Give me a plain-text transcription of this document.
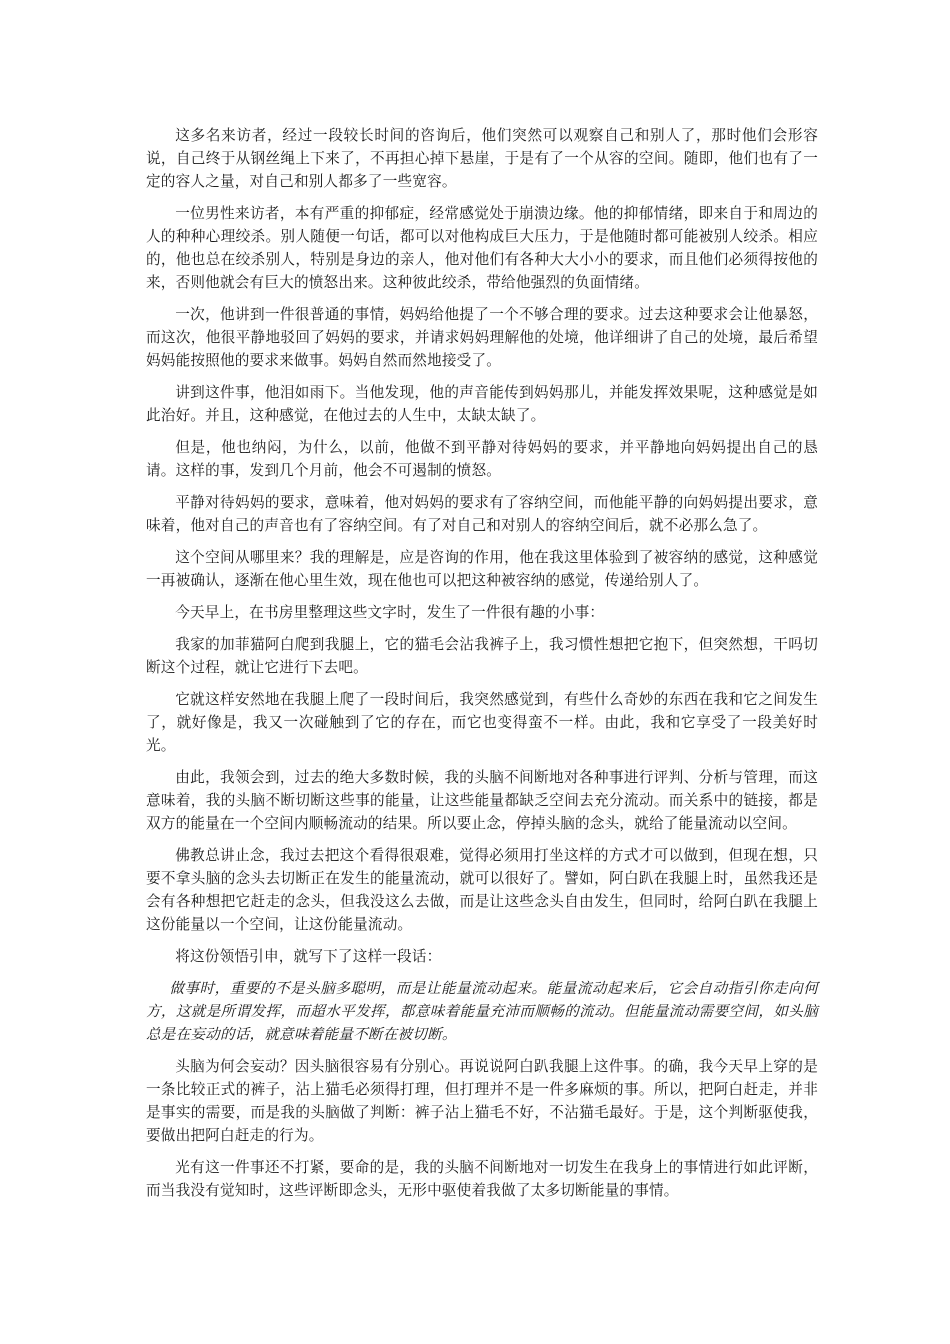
这多名来访者，经过一段较长时间的咨询后，他们突然可以观察自己和别人了，那时他们会形容说，自己终于从钢丝绳上下来了，不再担心掉下悬崖，于是有了一个从容的空间。随即，他们也有了一定的容人之量，对自己和别人都多了一些宽容。

一位男性来访者，本有严重的抑郁症，经常感觉处于崩溃边缘。他的抑郁情绪，即来自于和周边的人的种种心理绞杀。别人随便一句话，都可以对他构成巨大压力，于是他随时都可能被别人绞杀。相应的，他也总在绞杀别人，特别是身边的亲人，他对他们有各种大大小小的要求，而且他们必须得按他的来，否则他就会有巨大的愤怒出来。这种彼此绞杀，带给他强烈的负面情绪。

一次，他讲到一件很普通的事情，妈妈给他提了一个不够合理的要求。过去这种要求会让他暴怒，而这次，他很平静地驳回了妈妈的要求，并请求妈妈理解他的处境，他详细讲了自己的处境，最后希望妈妈能按照他的要求来做事。妈妈自然而然地接受了。

讲到这件事，他泪如雨下。当他发现，他的声音能传到妈妈那儿，并能发挥效果呢，这种感觉是如此治好。并且，这种感觉，在他过去的人生中，太缺太缺了。

但是，他也纳闷，为什么，以前，他做不到平静对待妈妈的要求，并平静地向妈妈提出自己的恳请。这样的事，发到几个月前，他会不可遏制的愤怒。

平静对待妈妈的要求，意味着，他对妈妈的要求有了容纳空间，而他能平静的向妈妈提出要求，意味着，他对自己的声音也有了容纳空间。有了对自己和对别人的容纳空间后，就不必那么急了。

这个空间从哪里来？我的理解是，应是咨询的作用，他在我这里体验到了被容纳的感觉，这种感觉一再被确认，逐渐在他心里生效，现在他也可以把这种被容纳的感觉，传递给别人了。

今天早上，在书房里整理这些文字时，发生了一件很有趣的小事：

我家的加菲猫阿白爬到我腿上，它的猫毛会沾我裤子上，我习惯性想把它抱下，但突然想，干吗切断这个过程，就让它进行下去吧。

它就这样安然地在我腿上爬了一段时间后，我突然感觉到，有些什么奇妙的东西在我和它之间发生了，就好像是，我又一次碰触到了它的存在，而它也变得蛮不一样。由此，我和它享受了一段美好时光。

由此，我领会到，过去的绝大多数时候，我的头脑不间断地对各种事进行评判、分析与管理，而这意味着，我的头脑不断切断这些事的能量，让这些能量都缺乏空间去充分流动。而关系中的链接，都是双方的能量在一个空间内顺畅流动的结果。所以要止念，停掉头脑的念头，就给了能量流动以空间。

佛教总讲止念，我过去把这个看得很艰难，觉得必须用打坐这样的方式才可以做到，但现在想，只要不拿头脑的念头去切断正在发生的能量流动，就可以很好了。譬如，阿白趴在我腿上时，虽然我还是会有各种想把它赶走的念头，但我没这么去做，而是让这些念头自由发生，但同时，给阿白趴在我腿上这份能量以一个空间，让这份能量流动。

将这份领悟引申，就写下了这样一段话：

做事时，重要的不是头脑多聪明，而是让能量流动起来。能量流动起来后，它会自动指引你走向何方，这就是所谓发挥，而超水平发挥，都意味着能量充沛而顺畅的流动。但能量流动需要空间，如头脑总是在妄动的话，就意味着能量不断在被切断。

头脑为何会妄动？因头脑很容易有分别心。再说说阿白趴我腿上这件事。的确，我今天早上穿的是一条比较正式的裤子，沾上猫毛必须得打理，但打理并不是一件多麻烦的事。所以，把阿白赶走，并非是事实的需要，而是我的头脑做了判断：裤子沾上猫毛不好，不沾猫毛最好。于是，这个判断驱使我，要做出把阿白赶走的行为。

光有这一件事还不打紧，要命的是，我的头脑不间断地对一切发生在我身上的事情进行如此评断，而当我没有觉知时，这些评断即念头，无形中驱使着我做了太多切断能量的事情。
